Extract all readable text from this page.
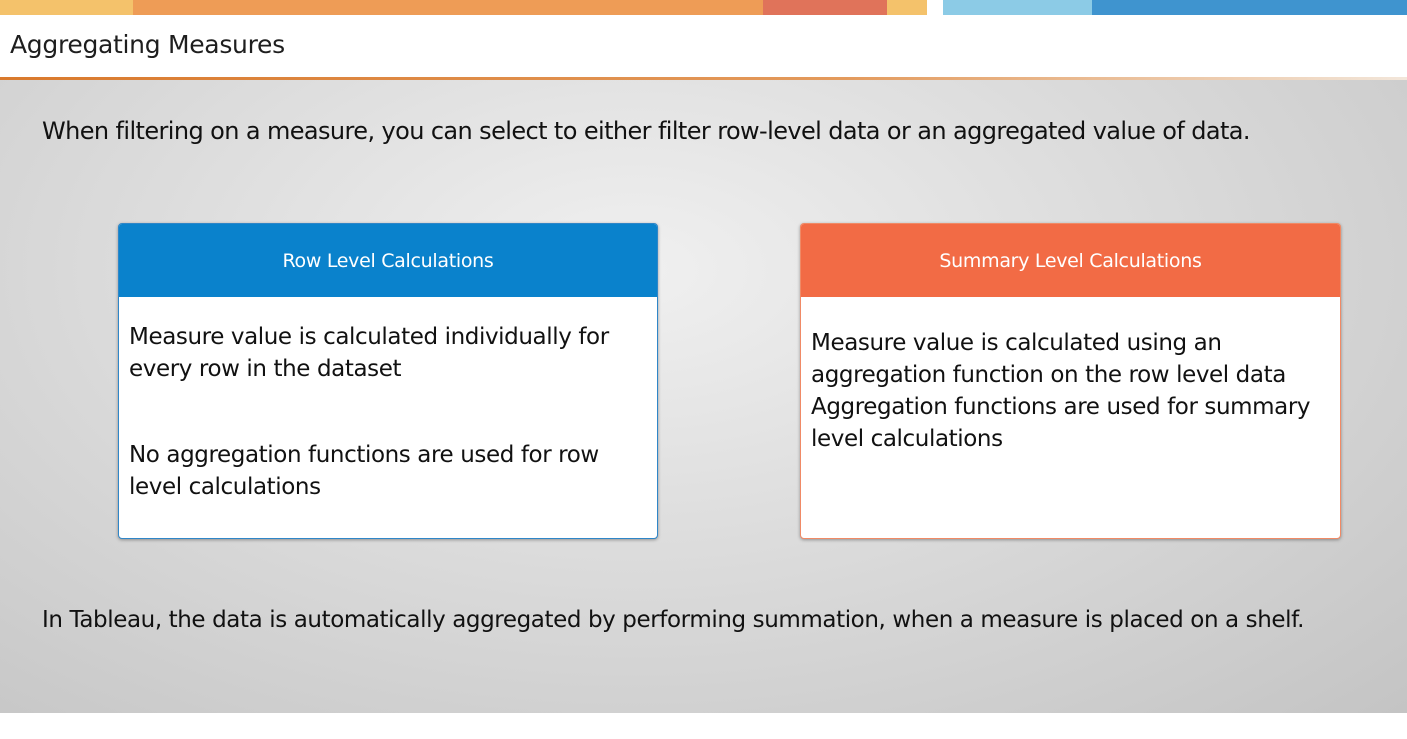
Aggregating Measures
When filtering on a measure, you can select to either filter row-level data or an aggregated value of data.
Row Level Calculations

Measure value is calculated individually for every row in the dataset

No aggregation functions are used for row level calculations

Summary Level Calculations

Measure value is calculated using an aggregation function on the row level data

Aggregation functions are used for summary level calculations

In Tableau, the data is automatically aggregated by performing summation, when a measure is placed on a shelf.
